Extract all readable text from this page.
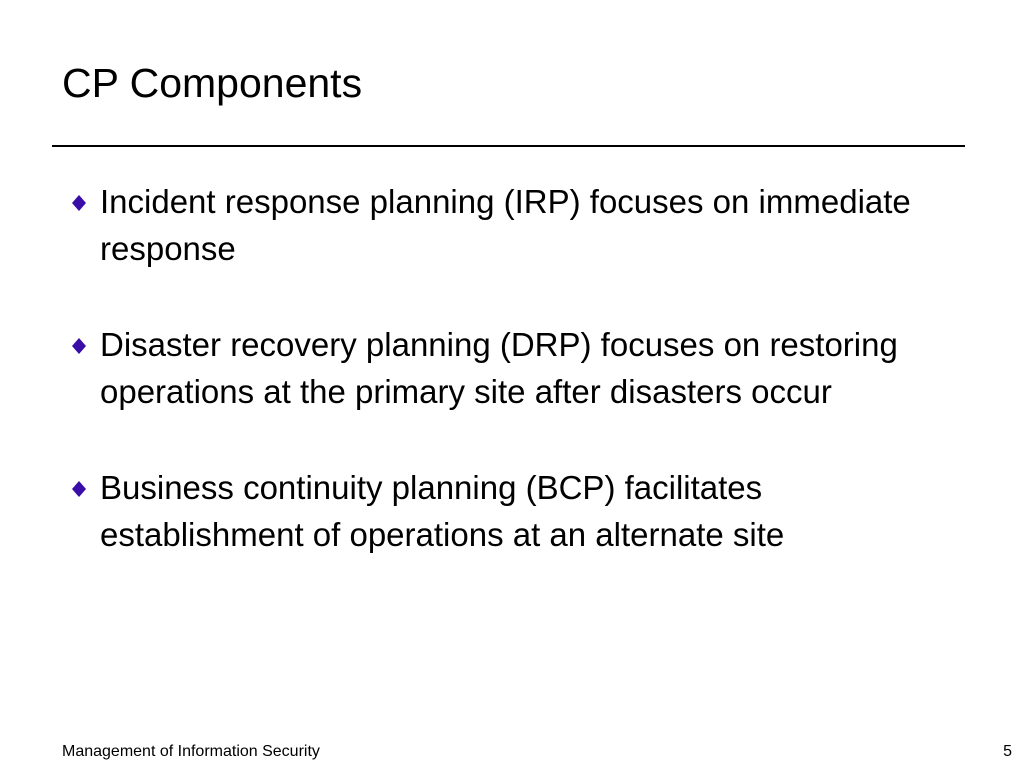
CP Components
Incident response planning (IRP) focuses on immediate response
Disaster recovery planning (DRP) focuses on restoring operations at the primary site after disasters occur
Business continuity planning (BCP) facilitates establishment of operations at an alternate site
Management of Information Security	5
